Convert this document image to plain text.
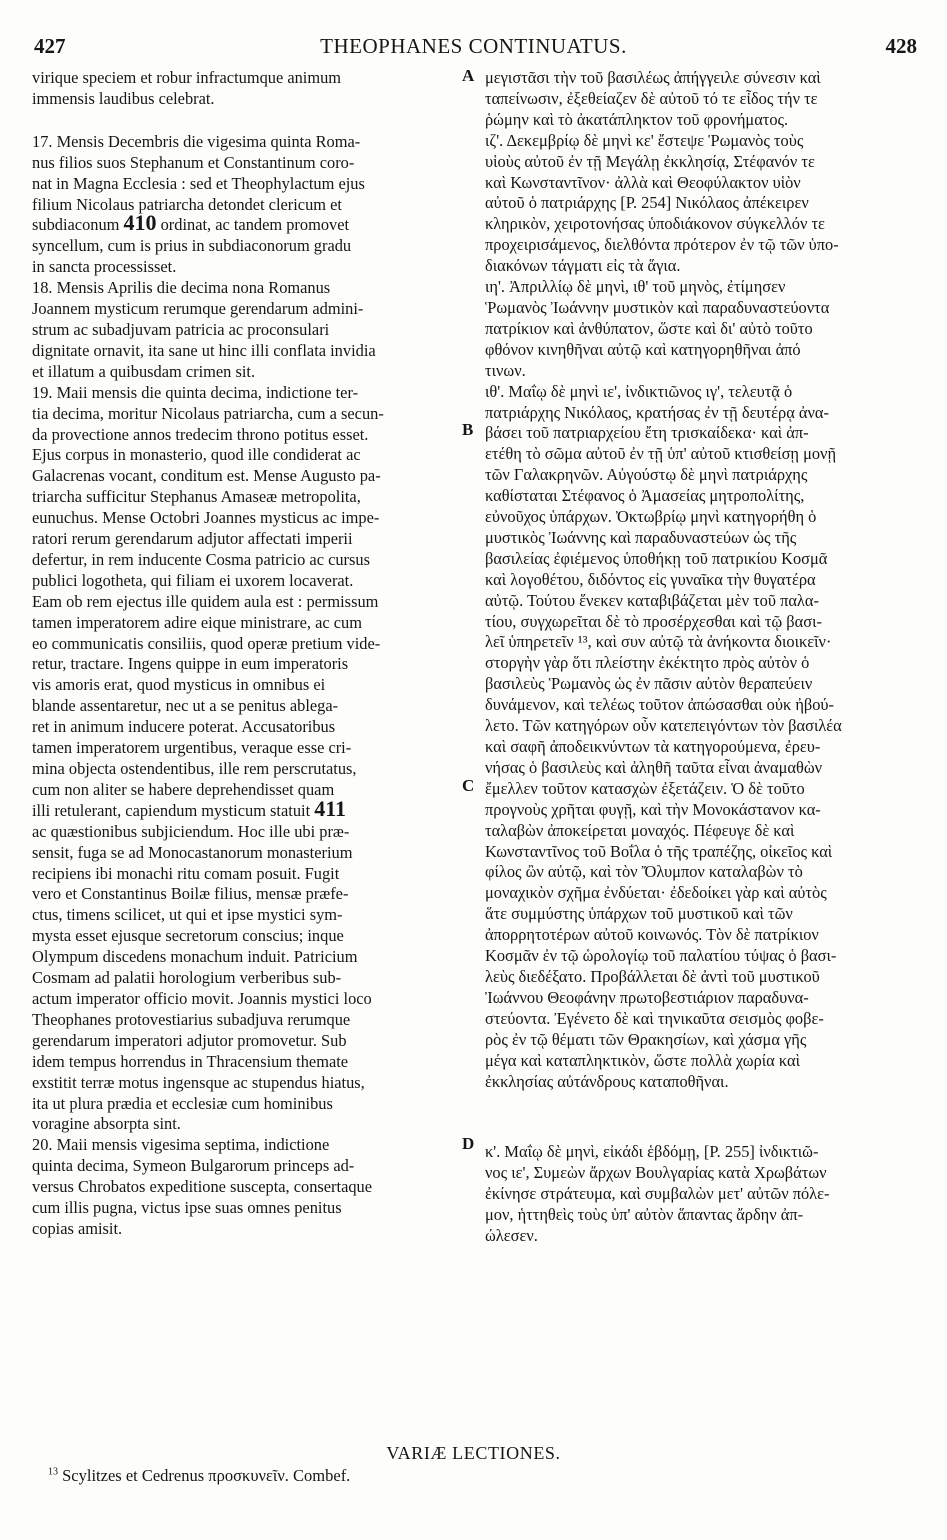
427	THEOPHANES CONTINUATUS.	428

virique speciem et robur infractumque animum

immensis laudibus celebrat.

17. Mensis Decembris die vigesima quinta Roma-

nus filios suos Stephanum et Constantinum coro-

nat in Magna Ecclesia : sed et Theophylactum ejus

filium Nicolaus patriarcha detondet clericum et

subdiaconum 410 ordinat, ac tandem promovet

syncellum, cum is prius in subdiaconorum gradu

in sancta processisset.

18. Mensis Aprilis die decima nona Romanus

Joannem mysticum rerumque gerendarum admini-

strum ac subadjuvam patricia ac proconsulari

dignitate ornavit, ita sane ut hinc illi conflata invidia

et illatum a quibusdam crimen sit.

19. Maii mensis die quinta decima, indictione ter-

tia decima, moritur Nicolaus patriarcha, cum a secun-

da provectione annos tredecim throno potitus esset.

Ejus corpus in monasterio, quod ille condiderat ac

Galacrenas vocant, conditum est. Mense Augusto pa-

triarcha sufficitur Stephanus Amaseæ metropolita,

eunuchus. Mense Octobri Joannes mysticus ac impe-

ratori rerum gerendarum adjutor affectati imperii

defertur, in rem inducente Cosma patricio ac cursus

publici logotheta, qui filiam ei uxorem locaverat.

Eam ob rem ejectus ille quidem aula est : permissum

tamen imperatorem adire eique ministrare, ac cum

eo communicatis consiliis, quod operæ pretium vide-

retur, tractare. Ingens quippe in eum imperatoris

vis amoris erat, quod mysticus in omnibus ei

blande assentaretur, nec ut a se penitus ablega-

ret in animum inducere poterat. Accusatoribus

tamen imperatorem urgentibus, veraque esse cri-

mina objecta ostendentibus, ille rem perscrutatus,

cum non aliter se habere deprehendisset quam

illi retulerant, capiendum mysticum statuit 411

ac quæstionibus subjiciendum. Hoc ille ubi præ-

sensit, fuga se ad Monocastanorum monasterium

recipiens ibi monachi ritu comam posuit. Fugit

vero et Constantinus Boilæ filius, mensæ præfe-

ctus, timens scilicet, ut qui et ipse mystici sym-

mysta esset ejusque secretorum conscius; inque

Olympum discedens monachum induit. Patricium

Cosmam ad palatii horologium verberibus sub-

actum imperator officio movit. Joannis mystici loco

Theophanes protovestiarius subadjuva rerumque

gerendarum imperatori adjutor promovetur. Sub

idem tempus horrendus in Thracensium themate

exstitit terræ motus ingensque ac stupendus hiatus,

ita ut plura prædia et ecclesiæ cum hominibus

voragine absorpta sint.

20. Maii mensis vigesima septima, indictione

quinta decima, Symeon Bulgarorum princeps ad-

versus Chrobatos expeditione suscepta, consertaque

cum illis pugna, victus ipse suas omnes penitus

copias amisit.

μεγιστᾶσι τὴν τοῦ βασιλέως ἀπήγγειλε σύνεσιν καὶ

ταπείνωσιν, ἐξεθείαζεν δὲ αὐτοῦ τό τε εἶδος τήν τε

ῥώμην καὶ τὸ ἀκατάπληκτον τοῦ φρονήματος.

ιζ'. Δεκεμβρίῳ δὲ μηνὶ κε' ἔστεψε Ῥωμανὸς τοὺς

υἱοὺς αὐτοῦ ἐν τῇ Μεγάλῃ ἐκκλησίᾳ, Στέφανόν τε

καὶ Κωνσταντῖνον· ἀλλὰ καὶ Θεοφύλακτον υἱὸν

αὐτοῦ ὁ πατριάρχης [P. 254] Νικόλαος ἀπέκειρεν

κληρικὸν, χειροτονήσας ὑποδιάκονον σύγκελλόν τε

προχειρισάμενος, διελθόντα πρότερον ἐν τῷ τῶν ὑπο-

διακόνων τάγματι εἰς τὰ ἅγια.

ιη'. Ἀπριλλίῳ δὲ μηνὶ, ιθ' τοῦ μηνὸς, ἐτίμησεν

Ῥωμανὸς Ἰωάννην μυστικὸν καὶ παραδυναστεύοντα

πατρίκιον καὶ ἀνθύπατον, ὥστε καὶ δι' αὐτὸ τοῦτο

φθόνον κινηθῆναι αὐτῷ καὶ κατηγορηθῆναι ἀπό

τινων.

ιθ'. Μαΐῳ δὲ μηνὶ ιε', ἰνδικτιῶνος ιγ', τελευτᾷ ὁ

πατριάρχης Νικόλαος, κρατήσας ἐν τῇ δευτέρᾳ ἀνα-

βάσει τοῦ πατριαρχείου ἔτη τρισκαίδεκα· καὶ ἀπ-

ετέθη τὸ σῶμα αὐτοῦ ἐν τῇ ὑπ' αὐτοῦ κτισθείσῃ μονῇ

τῶν Γαλακρηνῶν. Αὐγούστῳ δὲ μηνὶ πατριάρχης

καθίσταται Στέφανος ὁ Ἀμασείας μητροπολίτης,

εὐνοῦχος ὑπάρχων. Ὀκτωβρίῳ μηνὶ κατηγορήθη ὁ

μυστικὸς Ἰωάννης καὶ παραδυναστεύων ὡς τῆς

βασιλείας ἐφιέμενος ὑποθήκῃ τοῦ πατρικίου Κοσμᾶ

καὶ λογοθέτου, διδόντος εἰς γυναῖκα τὴν θυγατέρα

αὐτῷ. Τούτου ἕνεκεν καταβιβάζεται μὲν τοῦ παλα-

τίου, συγχωρεῖται δὲ τὸ προσέρχεσθαι καὶ τῷ βασι-

λεῖ ὑπηρετεῖν ¹³, καὶ συν αὐτῷ τὰ ἀνήκοντα διοικεῖν·

στοργὴν γὰρ ὅτι πλείστην ἐκέκτητο πρὸς αὐτὸν ὁ

βασιλεὺς Ῥωμανὸς ὡς ἐν πᾶσιν αὐτὸν θεραπεύειν

δυνάμενον, καὶ τελέως τοῦτον ἀπώσασθαι οὐκ ἠβού-

λετο. Τῶν κατηγόρων οὖν κατεπειγόντων τὸν βασιλέα

καὶ σαφῆ ἀποδεικνύντων τὰ κατηγορούμενα, ἐρευ-

νήσας ὁ βασιλεὺς καὶ ἀληθῆ ταῦτα εἶναι ἀναμαθὼν

ἔμελλεν τοῦτον κατασχὼν ἐξετάζειν. Ὁ δὲ τοῦτο

προγνοὺς χρῆται φυγῇ, καὶ τὴν Μονοκάστανον κα-

ταλαβὼν ἀποκείρεται μοναχός. Πέφευγε δὲ καὶ

Κωνσταντῖνος τοῦ Βοΐλα ὁ τῆς τραπέζης, οἰκεῖος καὶ

φίλος ὢν αὐτῷ, καὶ τὸν Ὄλυμπον καταλαβὼν τὸ

μοναχικὸν σχῆμα ἐνδύεται· ἐδεδοίκει γὰρ καὶ αὐτὸς

ἅτε συμμύστης ὑπάρχων τοῦ μυστικοῦ καὶ τῶν

ἀπορρητοτέρων αὐτοῦ κοινωνός. Τὸν δὲ πατρίκιον

Κοσμᾶν ἐν τῷ ὡρολογίῳ τοῦ παλατίου τύψας ὁ βασι-

λεὺς διεδέξατο. Προβάλλεται δὲ ἀντὶ τοῦ μυστικοῦ

Ἰωάννου Θεοφάνην πρωτοβεστιάριον παραδυνα-

στεύοντα. Ἐγένετο δὲ καὶ τηνικαῦτα σεισμὸς φοβε-

ρὸς ἐν τῷ θέματι τῶν Θρακησίων, καὶ χάσμα γῆς

μέγα καὶ καταπληκτικὸν, ὥστε πολλὰ χωρία καὶ

ἐκκλησίας αὐτάνδρους καταποθῆναι.

κ'. Μαΐῳ δὲ μηνὶ, εἰκάδι ἑβδόμῃ, [P. 255] ἰνδικτιῶ-

νος ιε', Συμεὼν ἄρχων Βουλγαρίας κατὰ Χρωβάτων

ἐκίνησε στράτευμα, καὶ συμβαλὼν μετ' αὐτῶν πόλε-

μον, ἡττηθεὶς τοὺς ὑπ' αὐτὸν ἅπαντας ἄρδην ἀπ-

ώλεσεν.

A
B
C
D
VARIÆ LECTIONES.
$^{13}$ Scylitzes et Cedrenus προσκυνεῖν. Combef.
